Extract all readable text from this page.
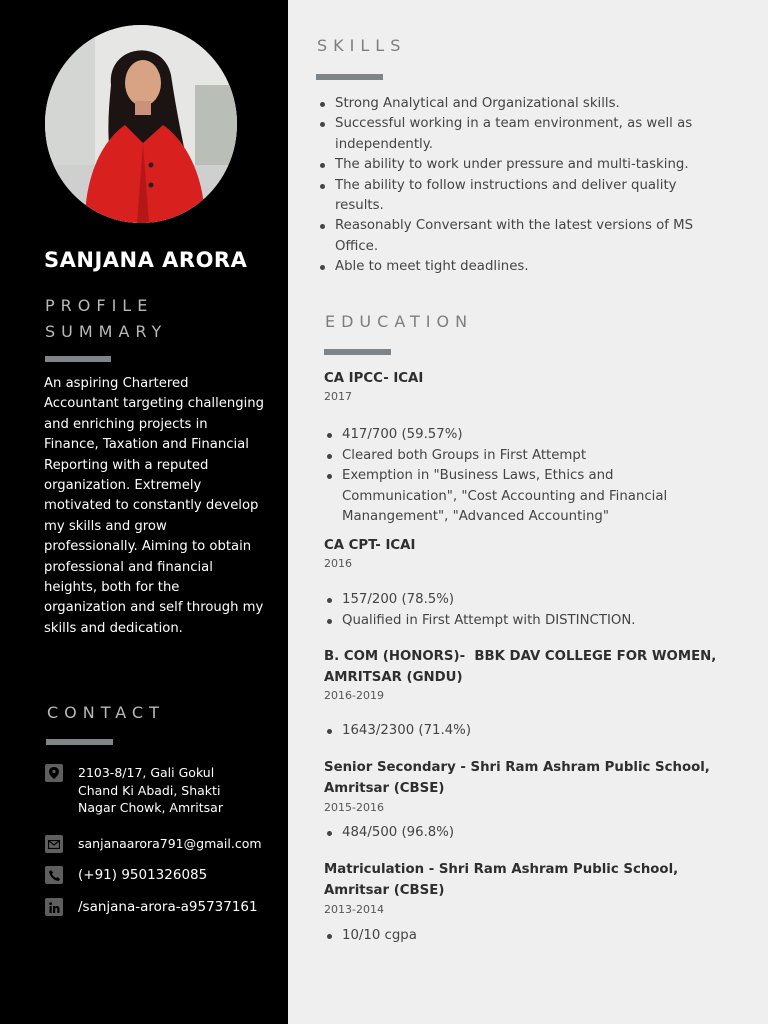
SANJANA ARORA
PROFILE
SUMMARY
An aspiring Chartered Accountant targeting challenging and enriching projects in Finance, Taxation and Financial Reporting with a reputed organization. Extremely motivated to constantly develop my skills and grow professionally. Aiming to obtain professional and financial heights, both for the organization and self through my skills and dedication.
CONTACT
2103-8/17, Gali Gokul
Chand Ki Abadi, Shakti
Nagar Chowk, Amritsar
sanjanaarora791@gmail.com
(+91) 9501326085
/sanjana-arora-a95737161
SKILLS
Strong Analytical and Organizational skills.
Successful working in a team environment, as well as independently.
The ability to work under pressure and multi-tasking.
The ability to follow instructions and deliver quality results.
Reasonably Conversant with the latest versions of MS Office.
Able to meet tight deadlines.
EDUCATION
CA IPCC- ICAI
2017
417/700 (59.57%)
Cleared both Groups in First Attempt
Exemption in "Business Laws, Ethics and Communication", "Cost Accounting and Financial Manangement", "Advanced Accounting"
CA CPT- ICAI
2016
157/200 (78.5%)
Qualified in First Attempt with DISTINCTION.
B. COM (HONORS)-  BBK DAV COLLEGE FOR WOMEN,
AMRITSAR (GNDU)
2016-2019
1643/2300 (71.4%)
Senior Secondary - Shri Ram Ashram Public School,
Amritsar (CBSE)
2015-2016
484/500 (96.8%)
Matriculation - Shri Ram Ashram Public School,
Amritsar (CBSE)
2013-2014
10/10 cgpa
